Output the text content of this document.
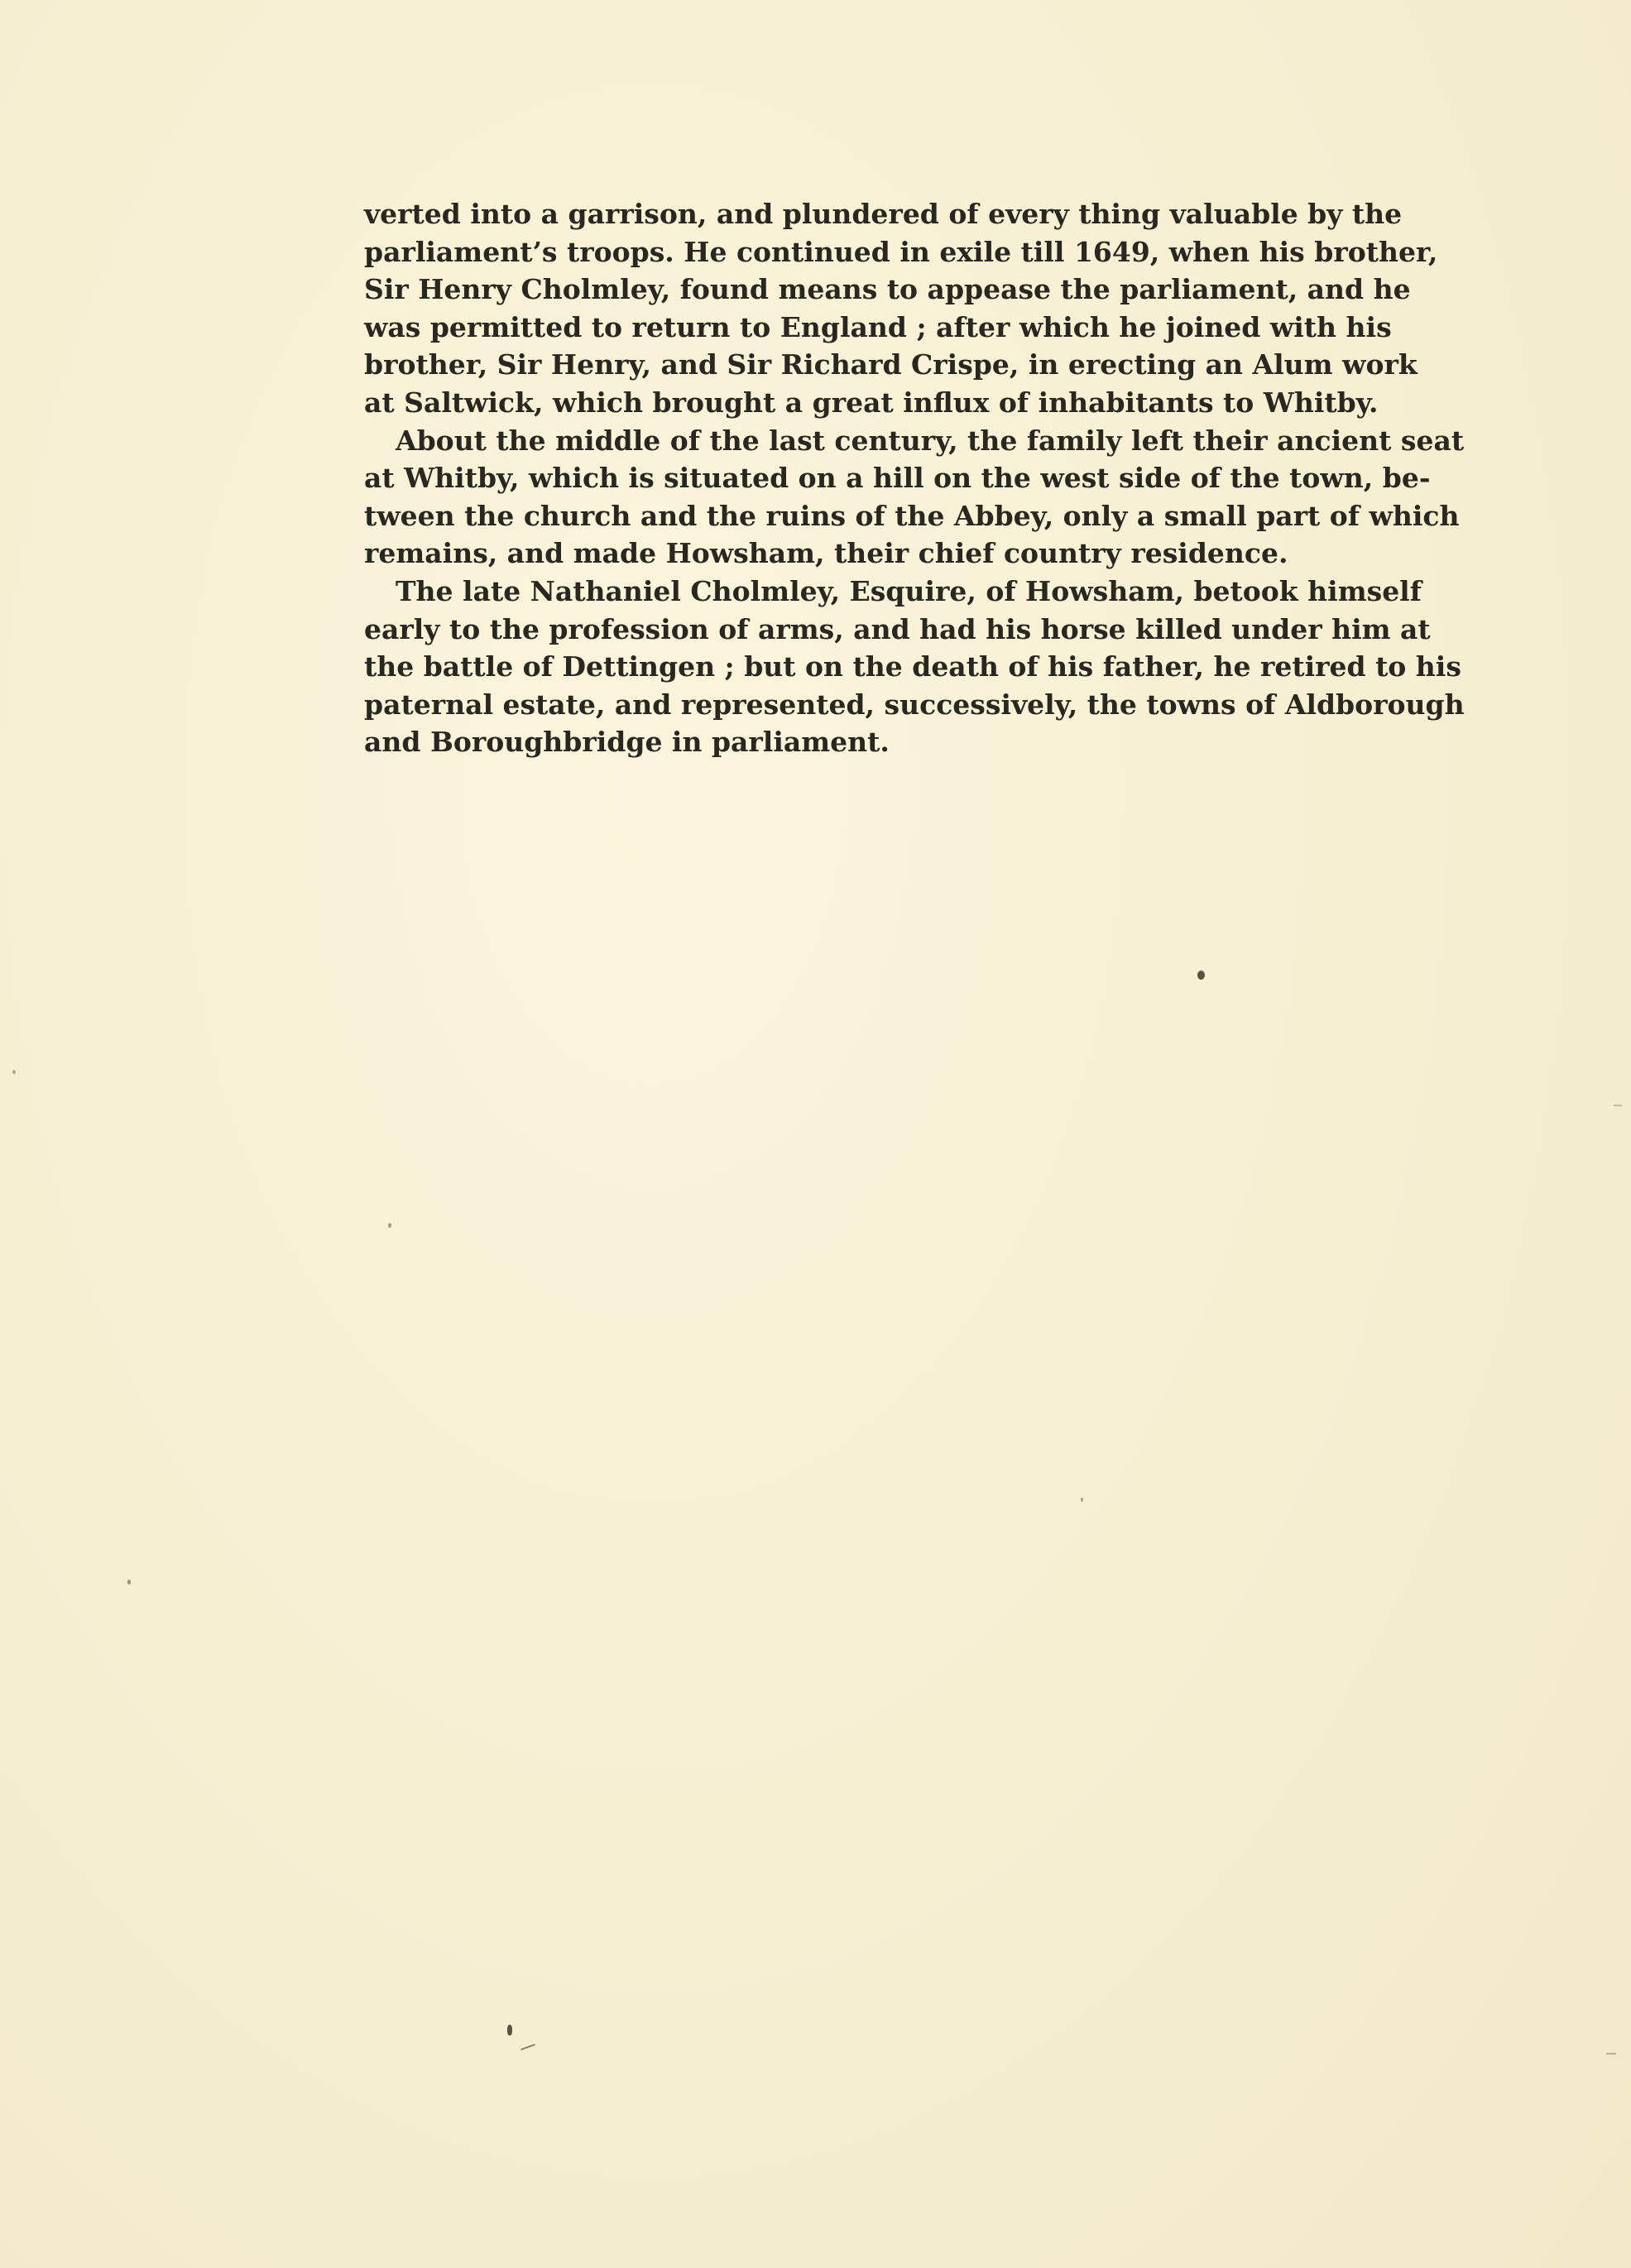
verted into a garrison, and plundered of every thing valuable by the
parliament’s troops. He continued in exile till 1649, when his brother,
Sir Henry Cholmley, found means to appease the parliament, and he
was permitted to return to England ; after which he joined with his
brother, Sir Henry, and Sir Richard Crispe, in erecting an Alum work
at Saltwick, which brought a great influx of inhabitants to Whitby.
About the middle of the last century, the family left their ancient seat
at Whitby, which is situated on a hill on the west side of the town, be-
tween the church and the ruins of the Abbey, only a small part of which
remains, and made Howsham, their chief country residence.
The late Nathaniel Cholmley, Esquire, of Howsham, betook himself
early to the profession of arms, and had his horse killed under him at
the battle of Dettingen ; but on the death of his father, he retired to his
paternal estate, and represented, successively, the towns of Aldborough
and Boroughbridge in parliament.
